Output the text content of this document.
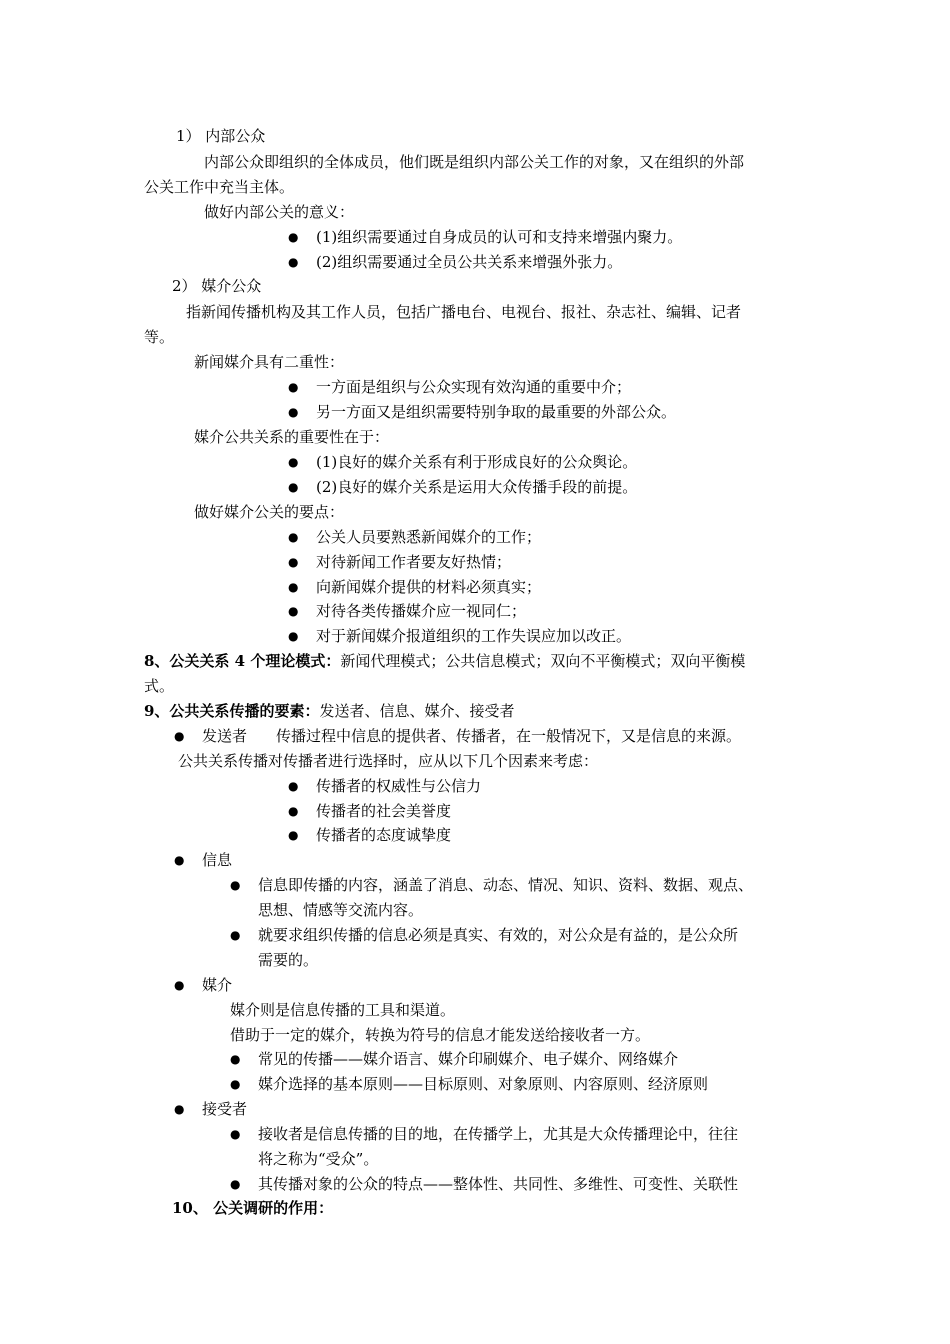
1） 内部公众
内部公众即组织的全体成员，他们既是组织内部公关工作的对象，又在组织的外部
公关工作中充当主体。
做好内部公关的意义：
●
(1)组织需要通过自身成员的认可和支持来增强内聚力。
●
(2)组织需要通过全员公共关系来增强外张力。
2） 媒介公众
指新闻传播机构及其工作人员，包括广播电台、电视台、报社、杂志社、编辑、记者
等。
新闻媒介具有二重性：
●
一方面是组织与公众实现有效沟通的重要中介；
●
另一方面又是组织需要特别争取的最重要的外部公众。
媒介公共关系的重要性在于：
●
(1)良好的媒介关系有利于形成良好的公众舆论。
●
(2)良好的媒介关系是运用大众传播手段的前提。
做好媒介公关的要点：
●
公关人员要熟悉新闻媒介的工作；
●
对待新闻工作者要友好热情；
●
向新闻媒介提供的材料必须真实；
●
对待各类传播媒介应一视同仁；
●
对于新闻媒介报道组织的工作失误应加以改正。
8、公关关系 4 个理论模式：新闻代理模式；公共信息模式；双向不平衡模式；双向平衡模
式。
9、公共关系传播的要素：发送者、信息、媒介、接受者
●
发送者 传播过程中信息的提供者、传播者，在一般情况下，又是信息的来源。
公共关系传播对传播者进行选择时，应从以下几个因素来考虑：
●
传播者的权威性与公信力
●
传播者的社会美誉度
●
传播者的态度诚挚度
●
信息
●
信息即传播的内容，涵盖了消息、动态、情况、知识、资料、数据、观点、
思想、情感等交流内容。
●
就要求组织传播的信息必须是真实、有效的，对公众是有益的，是公众所
需要的。
●
媒介
媒介则是信息传播的工具和渠道。
借助于一定的媒介，转换为符号的信息才能发送给接收者一方。
●
常见的传播——媒介语言、媒介印刷媒介、电子媒介、网络媒介
●
媒介选择的基本原则——目标原则、对象原则、内容原则、经济原则
●
接受者
●
接收者是信息传播的目的地，在传播学上，尤其是大众传播理论中，往往
将之称为“受众”。
●
其传播对象的公众的特点——整体性、共同性、多维性、可变性、关联性
10、 公关调研的作用：
